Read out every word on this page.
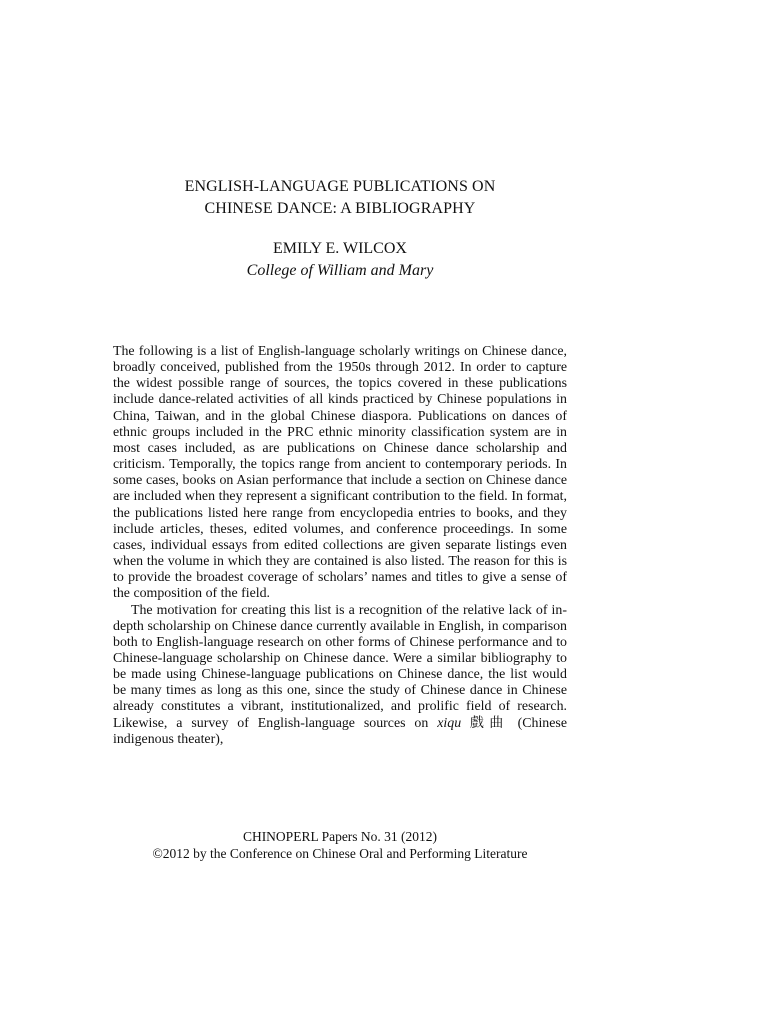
ENGLISH-LANGUAGE PUBLICATIONS ON
CHINESE DANCE: A BIBLIOGRAPHY
EMILY E. WILCOX
College of William and Mary

The following is a list of English-language scholarly writings on Chinese dance, broadly conceived, published from the 1950s through 2012. In order to capture the widest possible range of sources, the topics covered in these publications include dance-related activities of all kinds practiced by Chinese populations in China, Taiwan, and in the global Chinese diaspora. Publications on dances of ethnic groups included in the PRC ethnic minority classification system are in most cases included, as are publications on Chinese dance scholarship and criticism. Temporally, the topics range from ancient to contemporary periods. In some cases, books on Asian performance that include a section on Chinese dance are included when they represent a significant contribution to the field. In format, the publications listed here range from encyclopedia entries to books, and they include articles, theses, edited volumes, and conference proceedings. In some cases, individual essays from edited collections are given separate listings even when the volume in which they are contained is also listed. The reason for this is to provide the broadest coverage of scholars’ names and titles to give a sense of the composition of the field.

The motivation for creating this list is a recognition of the relative lack of in-depth scholarship on Chinese dance currently available in English, in comparison both to English-language research on other forms of Chinese performance and to Chinese-language scholarship on Chinese dance. Were a similar bibliography to be made using Chinese-language publications on Chinese dance, the list would be many times as long as this one, since the study of Chinese dance in Chinese already constitutes a vibrant, institutionalized, and prolific field of research. Likewise, a survey of English-language sources on xiqu 戲曲 (Chinese indigenous theater),

CHINOPERL Papers No. 31 (2012)
©2012 by the Conference on Chinese Oral and Performing Literature
